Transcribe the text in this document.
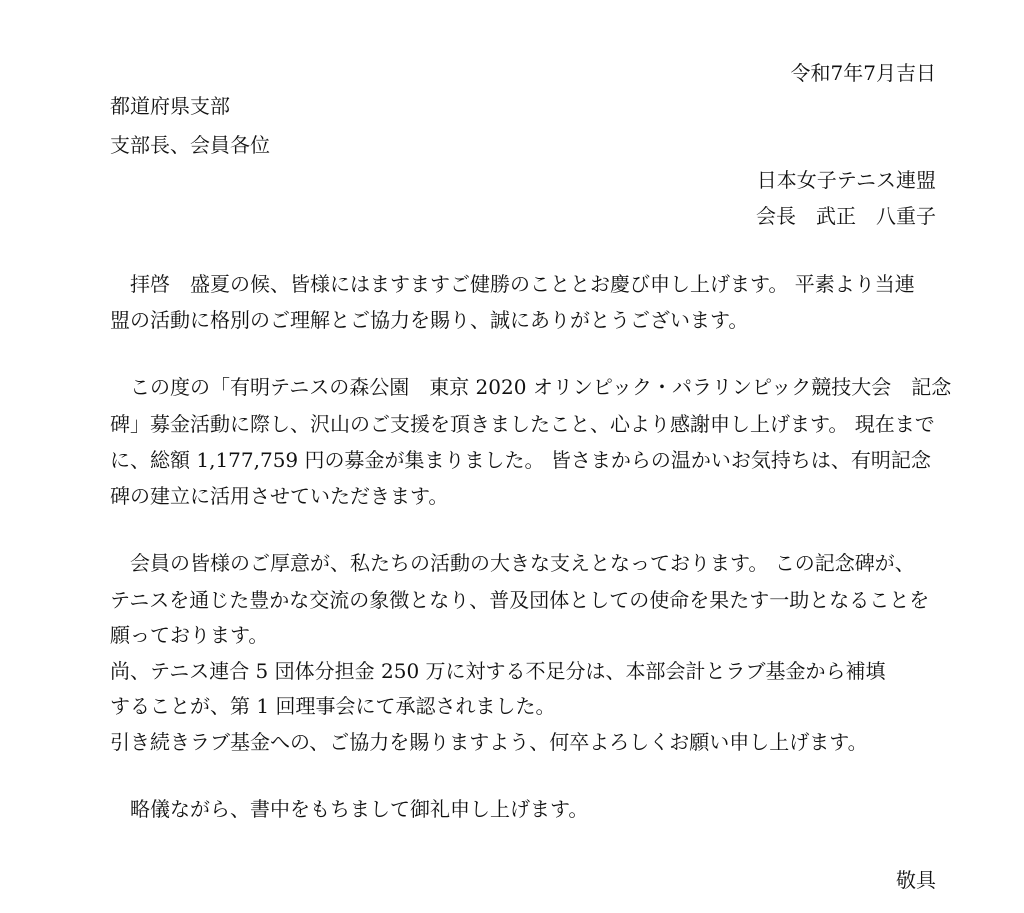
令和7年7月吉日

都道府県支部

支部長、会員各位

日本女子テニス連盟

会長　武正　八重子

　拝啓　盛夏の候、皆様にはますますご健勝のこととお慶び申し上げます。 平素より当連

盟の活動に格別のご理解とご協力を賜り、誠にありがとうございます。

　この度の「有明テニスの森公園　東京 2020 オリンピック・パラリンピック競技大会　記念

碑」募金活動に際し、沢山のご支援を頂きましたこと、心より感謝申し上げます。 現在まで

に、総額 1,177,759 円の募金が集まりました。 皆さまからの温かいお気持ちは、有明記念

碑の建立に活用させていただきます。

　会員の皆様のご厚意が、私たちの活動の大きな支えとなっております。 この記念碑が、

テニスを通じた豊かな交流の象徴となり、普及団体としての使命を果たす一助となることを

願っております。

尚、テニス連合 5 団体分担金 250 万に対する不足分は、本部会計とラブ基金から補填

することが、第 1 回理事会にて承認されました。

引き続きラブ基金への、ご協力を賜りますよう、何卒よろしくお願い申し上げます。

　略儀ながら、書中をもちまして御礼申し上げます。

敬具
